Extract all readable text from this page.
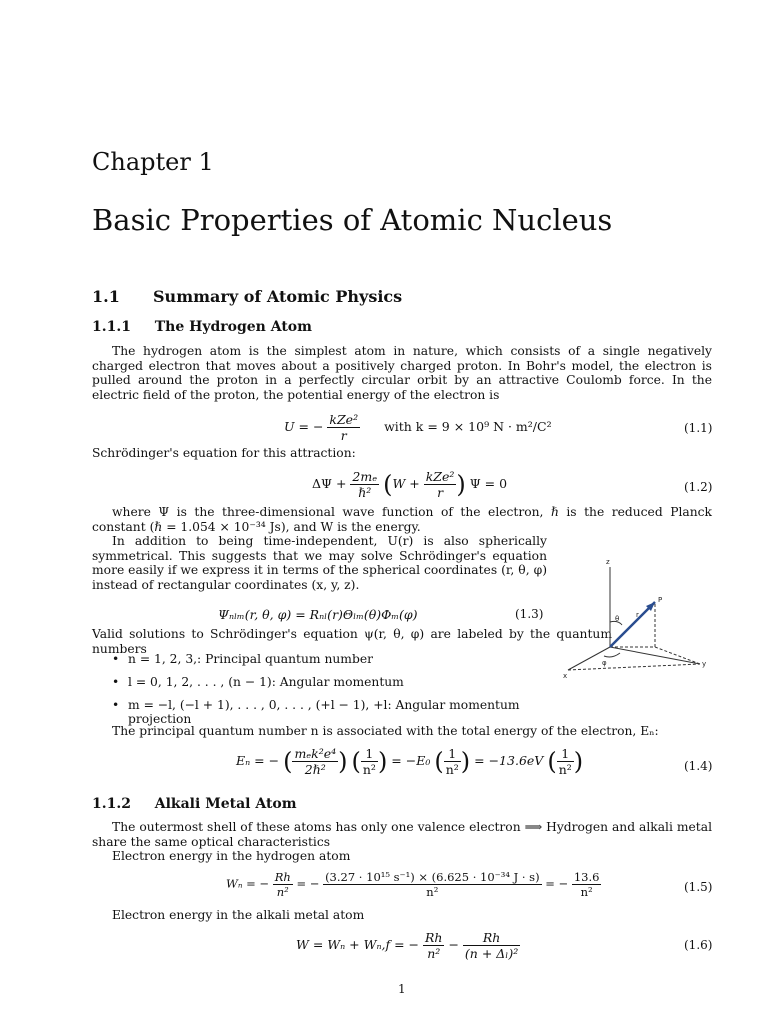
Chapter 1
Basic Properties of Atomic Nucleus
1.1 Summary of Atomic Physics
1.1.1 The Hydrogen Atom
The hydrogen atom is the simplest atom in nature, which consists of a single negatively charged electron that moves about a positively charged proton. In Bohr's model, the electron is pulled around the proton in a perfectly circular orbit by an attractive Coulomb force. In the electric field of the proton, the potential energy of the electron is
U = − $\frac{\text{kZe²}}{r}$ with k = 9 × 10⁹ N · m²/C²	(1.1)
Schrödinger's equation for this attraction:
$\Delta\Psi + \frac{\text{2mₑ}}{\text{ℏ²}} (W + \frac{\text{kZe²}}{r}$ ) Ψ = 0	(1.2)
where Ψ is the three-dimensional wave function of the electron, ℏ is the reduced Planck constant (ℏ = 1.054 × 10⁻³⁴ Js), and W is the energy.
In addition to being time-independent, U(r) is also spherically symmetrical. This suggests that we may solve Schrödinger's equation more easily if we express it in terms of the spherical coordinates (r, θ, φ) instead of rectangular coordinates (x, y, z).
Ψₙₗₘ(r, θ, φ) = Rₙₗ(r)Θₗₘ(θ)Φₘ(φ)	(1.3)
Valid solutions to Schrödinger's equation ψ(r, θ, φ) are labeled by the quantum numbers
z
y
x
P
r
θ
φ
• n = 1, 2, 3,: Principal quantum number
• l = 0, 1, 2, . . . , (n − 1): Angular momentum
• m = −l, (−l + 1), . . . , 0, . . . , (+l − 1), +l: Angular momentum projection
The principal quantum number n is associated with the total energy of the electron, Eₙ:
Eₙ = − ( $\frac{\text{mₑk²e⁴}}{\text{2ℏ²}}$ ) ( $\frac{1}{\text{n²}}$ ) = −E₀ ( $\frac{1}{\text{n²}}$ ) = −13.6eV ( $\frac{1}{\text{n²}}$ )	(1.4)
1.1.2 Alkali Metal Atom
The outermost shell of these atoms has only one valence electron ⟹ Hydrogen and alkali metal share the same optical characteristics
Electron energy in the hydrogen atom
Wₙ = − $\frac{Rh}{\text{n²}}$ = − $\frac{\text{(3.27 · 10¹⁵ s⁻¹) × (6.625 · 10⁻³⁴ J · s)}}{\text{n²}}$ = − $\frac{13.6}{\text{n²}}$	(1.5)
Electron energy in the alkali metal atom
W = Wₙ + Wₙ,f = − $\frac{Rh}{\text{n²}} - \frac{Rh}{\text{(n + Δₗ)²}}$	(1.6)
1
